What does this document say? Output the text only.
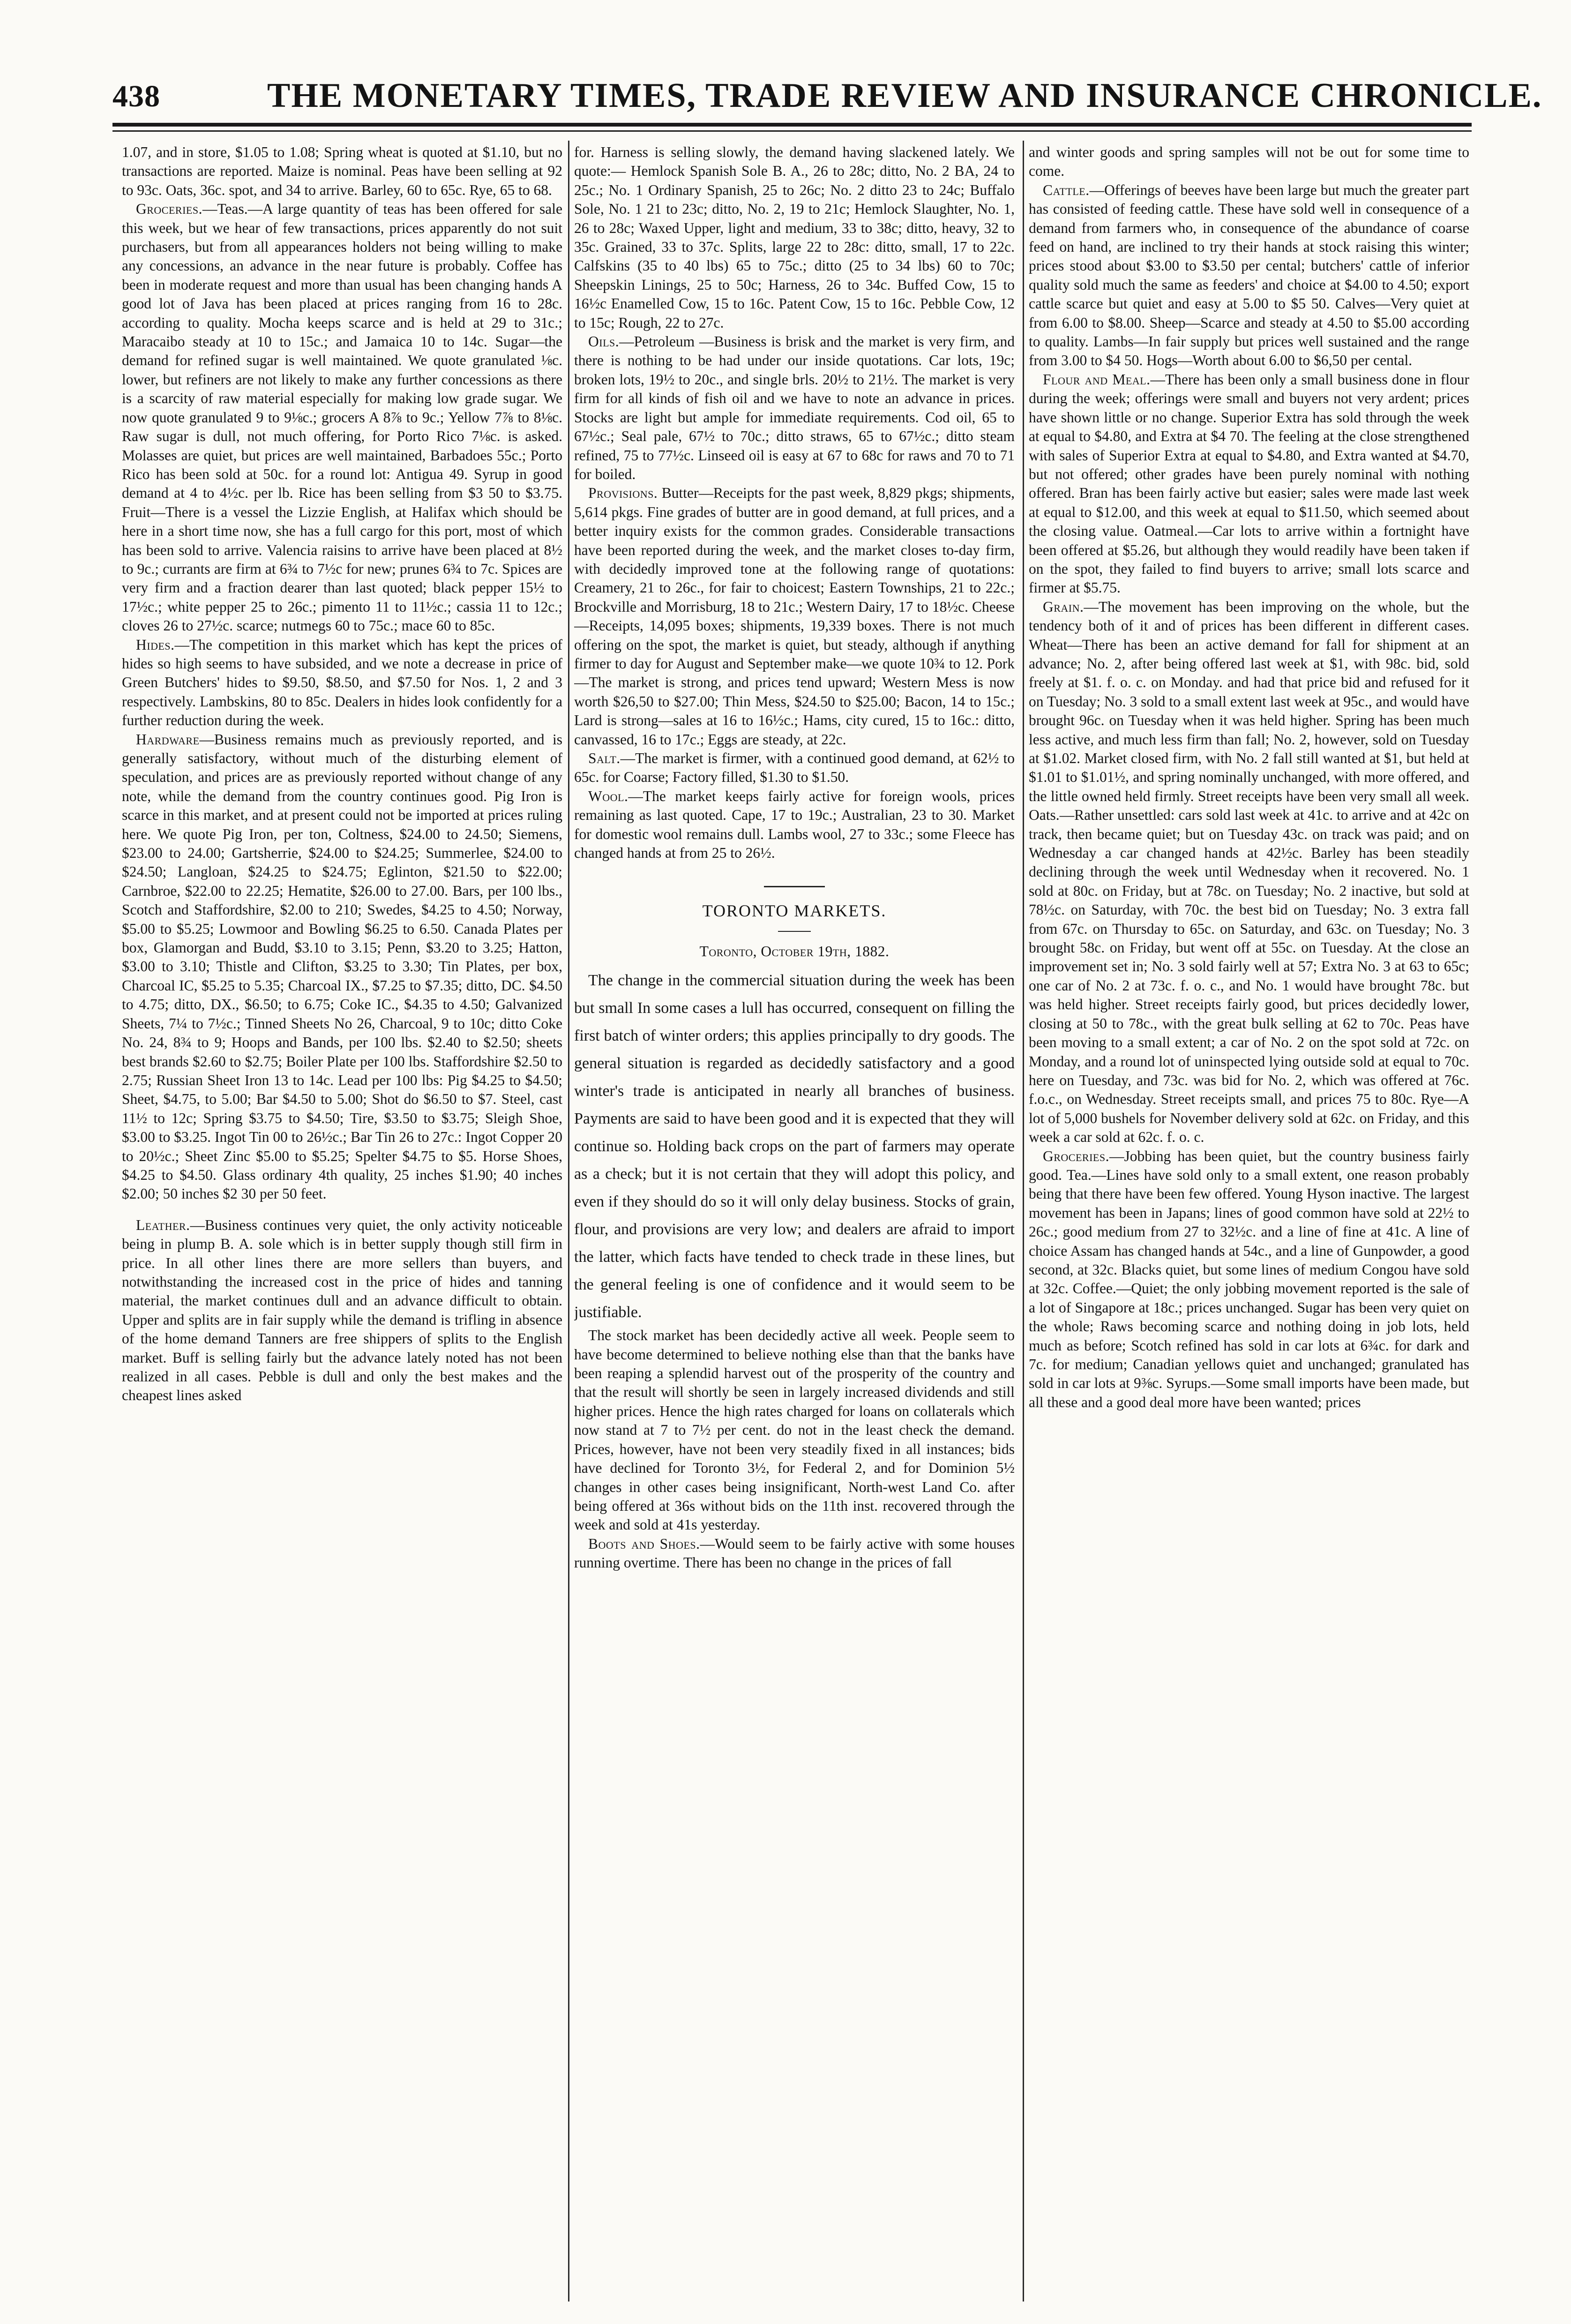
438	THE MONETARY TIMES, TRADE REVIEW AND INSURANCE CHRONICLE.

1.07, and in store, $1.05 to 1.08; Spring wheat is quoted at $1.10, but no transactions are reported. Maize is nominal. Peas have been selling at 92 to 93c. Oats, 36c. spot, and 34 to arrive. Barley, 60 to 65c. Rye, 65 to 68.

Groceries.—Teas.—A large quantity of teas has been offered for sale this week, but we hear of few transactions, prices apparently do not suit purchasers, but from all appearances holders not being willing to make any concessions, an advance in the near future is probably. Coffee has been in moderate request and more than usual has been changing hands A good lot of Java has been placed at prices ranging from 16 to 28c. according to quality. Mocha keeps scarce and is held at 29 to 31c.; Maracaibo steady at 10 to 15c.; and Jamaica 10 to 14c. Sugar—the demand for refined sugar is well maintained. We quote granulated ⅛c. lower, but refiners are not likely to make any further concessions as there is a scarcity of raw material especially for making low grade sugar. We now quote granulated 9 to 9⅛c.; grocers A 8⅞ to 9c.; Yellow 7⅞ to 8⅛c. Raw sugar is dull, not much offering, for Porto Rico 7⅛c. is asked. Molasses are quiet, but prices are well maintained, Barbadoes 55c.; Porto Rico has been sold at 50c. for a round lot: Antigua 49. Syrup in good demand at 4 to 4½c. per lb. Rice has been selling from $3 50 to $3.75. Fruit—There is a vessel the Lizzie English, at Halifax which should be here in a short time now, she has a full cargo for this port, most of which has been sold to arrive. Valencia raisins to arrive have been placed at 8½ to 9c.; currants are firm at 6¾ to 7½c for new; prunes 6¾ to 7c. Spices are very firm and a fraction dearer than last quoted; black pepper 15½ to 17½c.; white pepper 25 to 26c.; pimento 11 to 11½c.; cassia 11 to 12c.; cloves 26 to 27½c. scarce; nutmegs 60 to 75c.; mace 60 to 85c.

Hides.—The competition in this market which has kept the prices of hides so high seems to have subsided, and we note a decrease in price of Green Butchers' hides to $9.50, $8.50, and $7.50 for Nos. 1, 2 and 3 respectively. Lambskins, 80 to 85c. Dealers in hides look confidently for a further reduction during the week.

Hardware—Business remains much as previously reported, and is generally satisfactory, without much of the disturbing element of speculation, and prices are as previously reported without change of any note, while the demand from the country continues good. Pig Iron is scarce in this market, and at present could not be imported at prices ruling here. We quote Pig Iron, per ton, Coltness, $24.00 to 24.50; Siemens, $23.00 to 24.00; Gartsherrie, $24.00 to $24.25; Summerlee, $24.00 to $24.50; Langloan, $24.25 to $24.75; Eglinton, $21.50 to $22.00; Carnbroe, $22.00 to 22.25; Hematite, $26.00 to 27.00. Bars, per 100 lbs., Scotch and Staffordshire, $2.00 to 210; Swedes, $4.25 to 4.50; Norway, $5.00 to $5.25; Lowmoor and Bowling $6.25 to 6.50. Canada Plates per box, Glamorgan and Budd, $3.10 to 3.15; Penn, $3.20 to 3.25; Hatton, $3.00 to 3.10; Thistle and Clifton, $3.25 to 3.30; Tin Plates, per box, Charcoal IC, $5.25 to 5.35; Charcoal IX., $7.25 to $7.35; ditto, DC. $4.50 to 4.75; ditto, DX., $6.50; to 6.75; Coke IC., $4.35 to 4.50; Galvanized Sheets, 7¼ to 7½c.; Tinned Sheets No 26, Charcoal, 9 to 10c; ditto Coke No. 24, 8¾ to 9; Hoops and Bands, per 100 lbs. $2.40 to $2.50; sheets best brands $2.60 to $2.75; Boiler Plate per 100 lbs. Staffordshire $2.50 to 2.75; Russian Sheet Iron 13 to 14c. Lead per 100 lbs: Pig $4.25 to $4.50; Sheet, $4.75, to 5.00; Bar $4.50 to 5.00; Shot do $6.50 to $7. Steel, cast 11½ to 12c; Spring $3.75 to $4.50; Tire, $3.50 to $3.75; Sleigh Shoe, $3.00 to $3.25. Ingot Tin 00 to 26½c.; Bar Tin 26 to 27c.: Ingot Copper 20 to 20½c.; Sheet Zinc $5.00 to $5.25; Spelter $4.75 to $5. Horse Shoes, $4.25 to $4.50. Glass ordinary 4th quality, 25 inches $1.90; 40 inches $2.00; 50 inches $2 30 per 50 feet.

Leather.—Business continues very quiet, the only activity noticeable being in plump B. A. sole which is in better supply though still firm in price. In all other lines there are more sellers than buyers, and notwithstanding the increased cost in the price of hides and tanning material, the market continues dull and an advance difficult to obtain. Upper and splits are in fair supply while the demand is trifling in absence of the home demand Tanners are free shippers of splits to the English market. Buff is selling fairly but the advance lately noted has not been realized in all cases. Pebble is dull and only the best makes and the cheapest lines asked

for. Harness is selling slowly, the demand having slackened lately. We quote:— Hemlock Spanish Sole B. A., 26 to 28c; ditto, No. 2 BA, 24 to 25c.; No. 1 Ordinary Spanish, 25 to 26c; No. 2 ditto 23 to 24c; Buffalo Sole, No. 1 21 to 23c; ditto, No. 2, 19 to 21c; Hemlock Slaughter, No. 1, 26 to 28c; Waxed Upper, light and medium, 33 to 38c; ditto, heavy, 32 to 35c. Grained, 33 to 37c. Splits, large 22 to 28c: ditto, small, 17 to 22c. Calfskins (35 to 40 lbs) 65 to 75c.; ditto (25 to 34 lbs) 60 to 70c; Sheepskin Linings, 25 to 50c; Harness, 26 to 34c. Buffed Cow, 15 to 16½c Enamelled Cow, 15 to 16c. Patent Cow, 15 to 16c. Pebble Cow, 12 to 15c; Rough, 22 to 27c.

Oils.—Petroleum —Business is brisk and the market is very firm, and there is nothing to be had under our inside quotations. Car lots, 19c; broken lots, 19½ to 20c., and single brls. 20½ to 21½. The market is very firm for all kinds of fish oil and we have to note an advance in prices. Stocks are light but ample for immediate requirements. Cod oil, 65 to 67½c.; Seal pale, 67½ to 70c.; ditto straws, 65 to 67½c.; ditto steam refined, 75 to 77½c. Linseed oil is easy at 67 to 68c for raws and 70 to 71 for boiled.

Provisions. Butter—Receipts for the past week, 8,829 pkgs; shipments, 5,614 pkgs. Fine grades of butter are in good demand, at full prices, and a better inquiry exists for the common grades. Considerable transactions have been reported during the week, and the market closes to-day firm, with decidedly improved tone at the following range of quotations: Creamery, 21 to 26c., for fair to choicest; Eastern Townships, 21 to 22c.; Brockville and Morrisburg, 18 to 21c.; Western Dairy, 17 to 18½c. Cheese—Receipts, 14,095 boxes; shipments, 19,339 boxes. There is not much offering on the spot, the market is quiet, but steady, although if anything firmer to day for August and September make—we quote 10¾ to 12. Pork—The market is strong, and prices tend upward; Western Mess is now worth $26,50 to $27.00; Thin Mess, $24.50 to $25.00; Bacon, 14 to 15c.; Lard is strong—sales at 16 to 16½c.; Hams, city cured, 15 to 16c.: ditto, canvassed, 16 to 17c.; Eggs are steady, at 22c.

Salt.—The market is firmer, with a continued good demand, at 62½ to 65c. for Coarse; Factory filled, $1.30 to $1.50.

Wool.—The market keeps fairly active for foreign wools, prices remaining as last quoted. Cape, 17 to 19c.; Australian, 23 to 30. Market for domestic wool remains dull. Lambs wool, 27 to 33c.; some Fleece has changed hands at from 25 to 26½.

TORONTO MARKETS.

Toronto, October 19th, 1882.

The change in the commercial situation during the week has been but small In some cases a lull has occurred, consequent on filling the first batch of winter orders; this applies principally to dry goods. The general situation is regarded as decidedly satisfactory and a good winter's trade is anticipated in nearly all branches of business. Payments are said to have been good and it is expected that they will continue so. Holding back crops on the part of farmers may operate as a check; but it is not certain that they will adopt this policy, and even if they should do so it will only delay business. Stocks of grain, flour, and provisions are very low; and dealers are afraid to import the latter, which facts have tended to check trade in these lines, but the general feeling is one of confidence and it would seem to be justifiable.

The stock market has been decidedly active all week. People seem to have become determined to believe nothing else than that the banks have been reaping a splendid harvest out of the prosperity of the country and that the result will shortly be seen in largely increased dividends and still higher prices. Hence the high rates charged for loans on collaterals which now stand at 7 to 7½ per cent. do not in the least check the demand. Prices, however, have not been very steadily fixed in all instances; bids have declined for Toronto 3½, for Federal 2, and for Dominion 5½ changes in other cases being insignificant, North-west Land Co. after being offered at 36s without bids on the 11th inst. recovered through the week and sold at 41s yesterday.

Boots and Shoes.—Would seem to be fairly active with some houses running overtime. There has been no change in the prices of fall

and winter goods and spring samples will not be out for some time to come.

Cattle.—Offerings of beeves have been large but much the greater part has consisted of feeding cattle. These have sold well in consequence of a demand from farmers who, in consequence of the abundance of coarse feed on hand, are inclined to try their hands at stock raising this winter; prices stood about $3.00 to $3.50 per cental; butchers' cattle of inferior quality sold much the same as feeders' and choice at $4.00 to 4.50; export cattle scarce but quiet and easy at 5.00 to $5 50. Calves—Very quiet at from 6.00 to $8.00. Sheep—Scarce and steady at 4.50 to $5.00 according to quality. Lambs—In fair supply but prices well sustained and the range from 3.00 to $4 50. Hogs—Worth about 6.00 to $6,50 per cental.

Flour and Meal.—There has been only a small business done in flour during the week; offerings were small and buyers not very ardent; prices have shown little or no change. Superior Extra has sold through the week at equal to $4.80, and Extra at $4 70. The feeling at the close strengthened with sales of Superior Extra at equal to $4.80, and Extra wanted at $4.70, but not offered; other grades have been purely nominal with nothing offered. Bran has been fairly active but easier; sales were made last week at equal to $12.00, and this week at equal to $11.50, which seemed about the closing value. Oatmeal.—Car lots to arrive within a fortnight have been offered at $5.26, but although they would readily have been taken if on the spot, they failed to find buyers to arrive; small lots scarce and firmer at $5.75.

Grain.—The movement has been improving on the whole, but the tendency both of it and of prices has been different in different cases. Wheat—There has been an active demand for fall for shipment at an advance; No. 2, after being offered last week at $1, with 98c. bid, sold freely at $1. f. o. c. on Monday. and had that price bid and refused for it on Tuesday; No. 3 sold to a small extent last week at 95c., and would have brought 96c. on Tuesday when it was held higher. Spring has been much less active, and much less firm than fall; No. 2, however, sold on Tuesday at $1.02. Market closed firm, with No. 2 fall still wanted at $1, but held at $1.01 to $1.01½, and spring nominally unchanged, with more offered, and the little owned held firmly. Street receipts have been very small all week. Oats.—Rather unsettled: cars sold last week at 41c. to arrive and at 42c on track, then became quiet; but on Tuesday 43c. on track was paid; and on Wednesday a car changed hands at 42½c. Barley has been steadily declining through the week until Wednesday when it recovered. No. 1 sold at 80c. on Friday, but at 78c. on Tuesday; No. 2 inactive, but sold at 78½c. on Saturday, with 70c. the best bid on Tuesday; No. 3 extra fall from 67c. on Thursday to 65c. on Saturday, and 63c. on Tuesday; No. 3 brought 58c. on Friday, but went off at 55c. on Tuesday. At the close an improvement set in; No. 3 sold fairly well at 57; Extra No. 3 at 63 to 65c; one car of No. 2 at 73c. f. o. c., and No. 1 would have brought 78c. but was held higher. Street receipts fairly good, but prices decidedly lower, closing at 50 to 78c., with the great bulk selling at 62 to 70c. Peas have been moving to a small extent; a car of No. 2 on the spot sold at 72c. on Monday, and a round lot of uninspected lying outside sold at equal to 70c. here on Tuesday, and 73c. was bid for No. 2, which was offered at 76c. f.o.c., on Wednesday. Street receipts small, and prices 75 to 80c. Rye—A lot of 5,000 bushels for November delivery sold at 62c. on Friday, and this week a car sold at 62c. f. o. c.

Groceries.—Jobbing has been quiet, but the country business fairly good. Tea.—Lines have sold only to a small extent, one reason probably being that there have been few offered. Young Hyson inactive. The largest movement has been in Japans; lines of good common have sold at 22½ to 26c.; good medium from 27 to 32½c. and a line of fine at 41c. A line of choice Assam has changed hands at 54c., and a line of Gunpowder, a good second, at 32c. Blacks quiet, but some lines of medium Congou have sold at 32c. Coffee.—Quiet; the only jobbing movement reported is the sale of a lot of Singapore at 18c.; prices unchanged. Sugar has been very quiet on the whole; Raws becoming scarce and nothing doing in job lots, held much as before; Scotch refined has sold in car lots at 6¾c. for dark and 7c. for medium; Canadian yellows quiet and unchanged; granulated has sold in car lots at 9⅜c. Syrups.—Some small imports have been made, but all these and a good deal more have been wanted; prices
